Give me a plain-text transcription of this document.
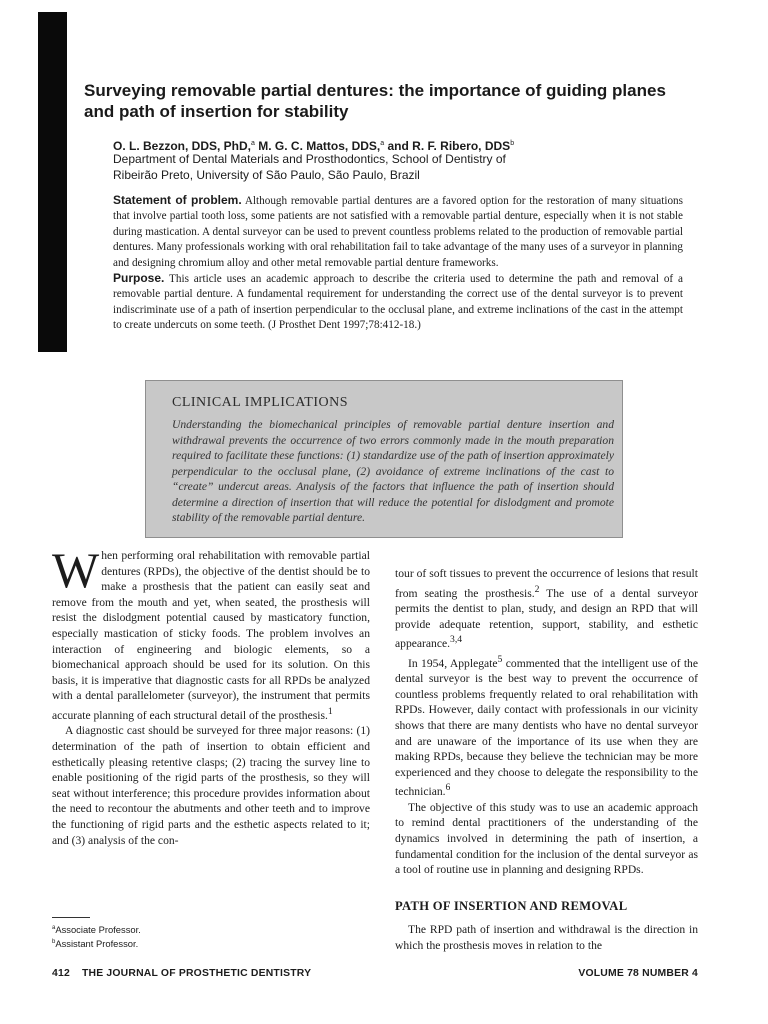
Surveying removable partial dentures: the importance of guiding planes and path of insertion for stability

O. L. Bezzon, DDS, PhD,$^a$ M. G. C. Mattos, DDS,$^a$ and R. F. Ribero, DDS$^b$

Department of Dental Materials and Prosthodontics, School of Dentistry of
Ribeirão Preto, University of São Paulo, São Paulo, Brazil

Statement of problem. Although removable partial dentures are a favored option for the restoration of many situations that involve partial tooth loss, some patients are not satisfied with a removable partial denture, especially when it is not stable during mastication. A dental surveyor can be used to prevent countless problems related to the production of removable partial dentures. Many professionals working with oral rehabilitation fail to take advantage of the many uses of a surveyor in planning and designing chromium alloy and other metal removable partial denture frameworks.

Purpose. This article uses an academic approach to describe the criteria used to determine the path and removal of a removable partial denture. A fundamental requirement for understanding the correct use of the dental surveyor is to prevent indiscriminate use of a path of insertion perpendicular to the occlusal plane, and extreme inclinations of the cast in the attempt to create undercuts on some teeth. (J Prosthet Dent 1997;78:412-18.)

CLINICAL IMPLICATIONS

Understanding the biomechanical principles of removable partial denture insertion and withdrawal prevents the occurrence of two errors commonly made in the mouth preparation required to facilitate these functions: (1) standardize use of the path of insertion approximately perpendicular to the occlusal plane, (2) avoidance of extreme inclinations of the cast to “create” undercut areas. Analysis of the factors that influence the path of insertion should determine a direction of insertion that will reduce the potential for dislodgment and promote stability of the removable partial denture.

When performing oral rehabilitation with removable partial dentures (RPDs), the objective of the dentist should be to make a prosthesis that the patient can easily seat and remove from the mouth and yet, when seated, the prosthesis will resist the dislodgment potential caused by masticatory function, especially mastication of sticky foods. The problem involves an interaction of engineering and biologic elements, so a biomechanical approach should be used for its solution. On this basis, it is imperative that diagnostic casts for all RPDs be analyzed with a dental parallelometer (surveyor), the instrument that permits accurate planning of each structural detail of the prosthesis.$^1$

A diagnostic cast should be surveyed for three major reasons: (1) determination of the path of insertion to obtain efficient and esthetically pleasing retentive clasps; (2) tracing the survey line to enable positioning of the rigid parts of the prosthesis, so they will seat without interference; this procedure provides information about the need to recontour the abutments and other teeth and to improve the functioning of rigid parts and the esthetic aspects related to it; and (3) analysis of the con-

tour of soft tissues to prevent the occurrence of lesions that result from seating the prosthesis.$^2$ The use of a dental surveyor permits the dentist to plan, study, and design an RPD that will provide adequate retention, support, stability, and esthetic appearance.$^{3,4}$

In 1954, Applegate$^5$ commented that the intelligent use of the dental surveyor is the best way to prevent the occurrence of countless problems frequently related to oral rehabilitation with RPDs. However, daily contact with professionals in our vicinity shows that there are many dentists who have no dental surveyor and are unaware of the importance of its use when they are making RPDs, because they believe the technician may be more experienced and they choose to delegate the responsibility to the technician.$^6$

The objective of this study was to use an academic approach to remind dental practitioners of the understanding of the dynamics involved in determining the path of insertion, a fundamental condition for the inclusion of the dental surveyor as a tool of routine use in planning and designing RPDs.

PATH OF INSERTION AND REMOVAL

The RPD path of insertion and withdrawal is the direction in which the prosthesis moves in relation to the

$^a$Associate Professor.

$^b$Assistant Professor.

412 THE JOURNAL OF PROSTHETIC DENTISTRY	VOLUME 78 NUMBER 4
